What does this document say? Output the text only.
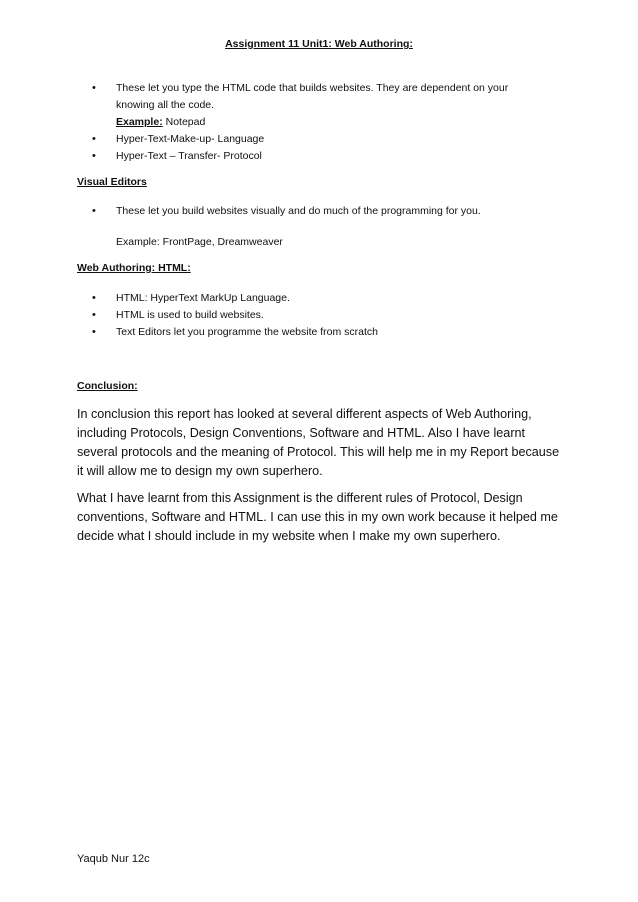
Assignment 11 Unit1: Web Authoring:
• These let you type the HTML code that builds websites. They are dependent on your
knowing all the code.
Example: Notepad
• Hyper-Text-Make-up- Language
• Hyper-Text – Transfer- Protocol
Visual Editors
• These let you build websites visually and do much of the programming for you.
Example: FrontPage, Dreamweaver
Web Authoring: HTML:
• HTML: HyperText MarkUp Language.
• HTML is used to build websites.
• Text Editors let you programme the website from scratch
Conclusion:

In conclusion this report has looked at several different aspects of Web Authoring, including Protocols, Design Conventions, Software and HTML. Also I have learnt several protocols and the meaning of Protocol. This will help me in my Report because it will allow me to design my own superhero.

What I have learnt from this Assignment is the different rules of Protocol, Design conventions, Software and HTML. I can use this in my own work because it helped me decide what I should include in my website when I make my own superhero.

Yaqub Nur 12c
